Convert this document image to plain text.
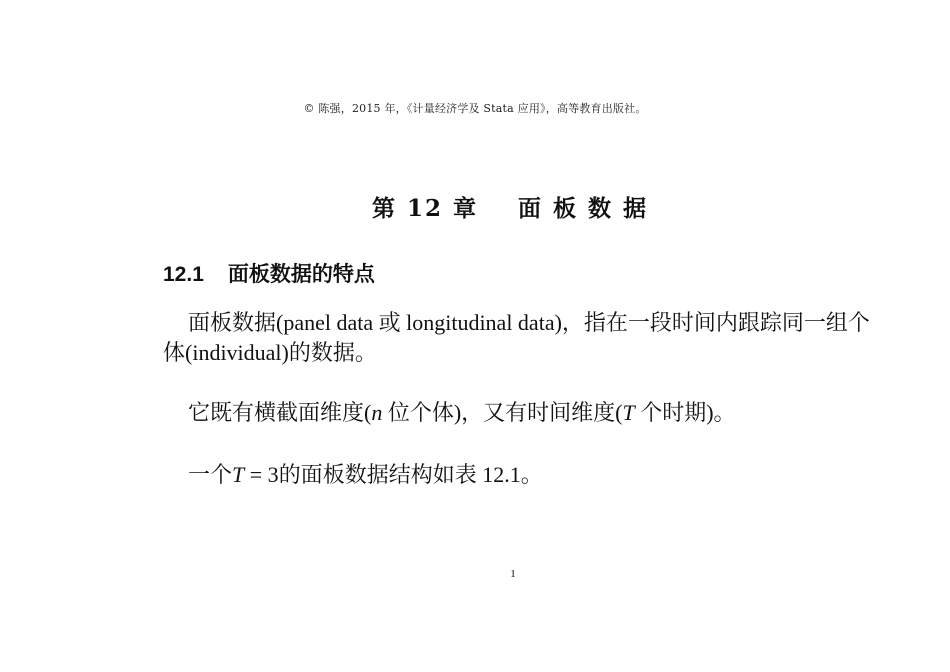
© 陈强，2015 年，《计量经济学及 Stata 应用》，高等教育出版社。
第 12 章    面 板 数 据
12.1 面板数据的特点
面板数据(panel data 或 longitudinal data)，指在一段时间内跟踪同一组个体(individual)的数据。
它既有横截面维度(n 位个体)，又有时间维度(T 个时期)。
一个T = 3的面板数据结构如表 12.1。
1
